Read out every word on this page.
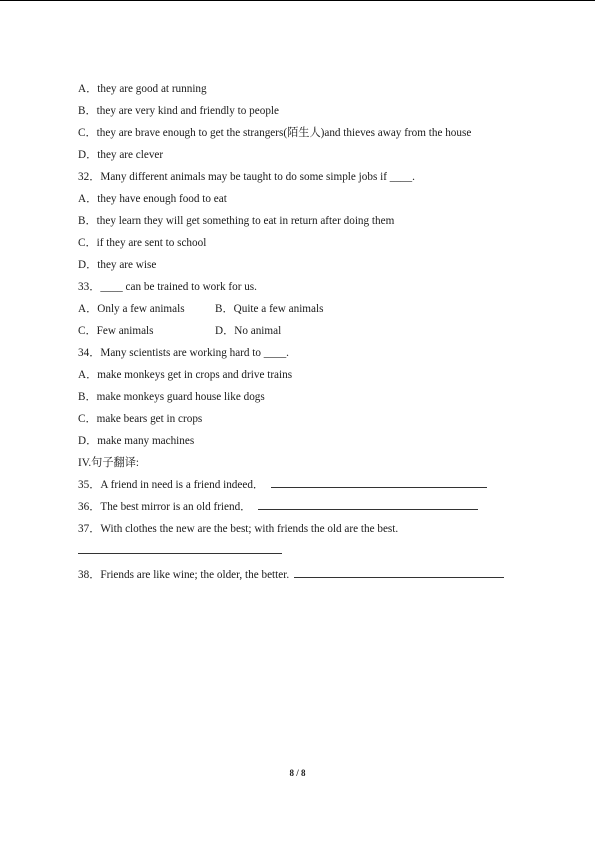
A．they are good at running
B．they are very kind and friendly to people
C．they are brave enough to get the strangers(陌生人)and thieves away from the house
D．they are clever
32．Many different animals may be taught to do some simple jobs if ____.
A．they have enough food to eat
B．they learn they will get something to eat in return after doing them
C．if they are sent to school
D．they are wise
33．____ can be trained to work for us.
A．Only a few animals	B．Quite a few animals
C．Few animals	D．No animal
34．Many scientists are working hard to ____.
A．make monkeys get in crops and drive trains
B．make monkeys guard house like dogs
C．make bears get in crops
D．make many machines
IV.句子翻译:
35．A friend in need is a friend indeed．
36．The best mirror is an old friend．
37．With clothes the new are the best; with friends the old are the best.
38．Friends are like wine; the older, the better.
8 / 8
